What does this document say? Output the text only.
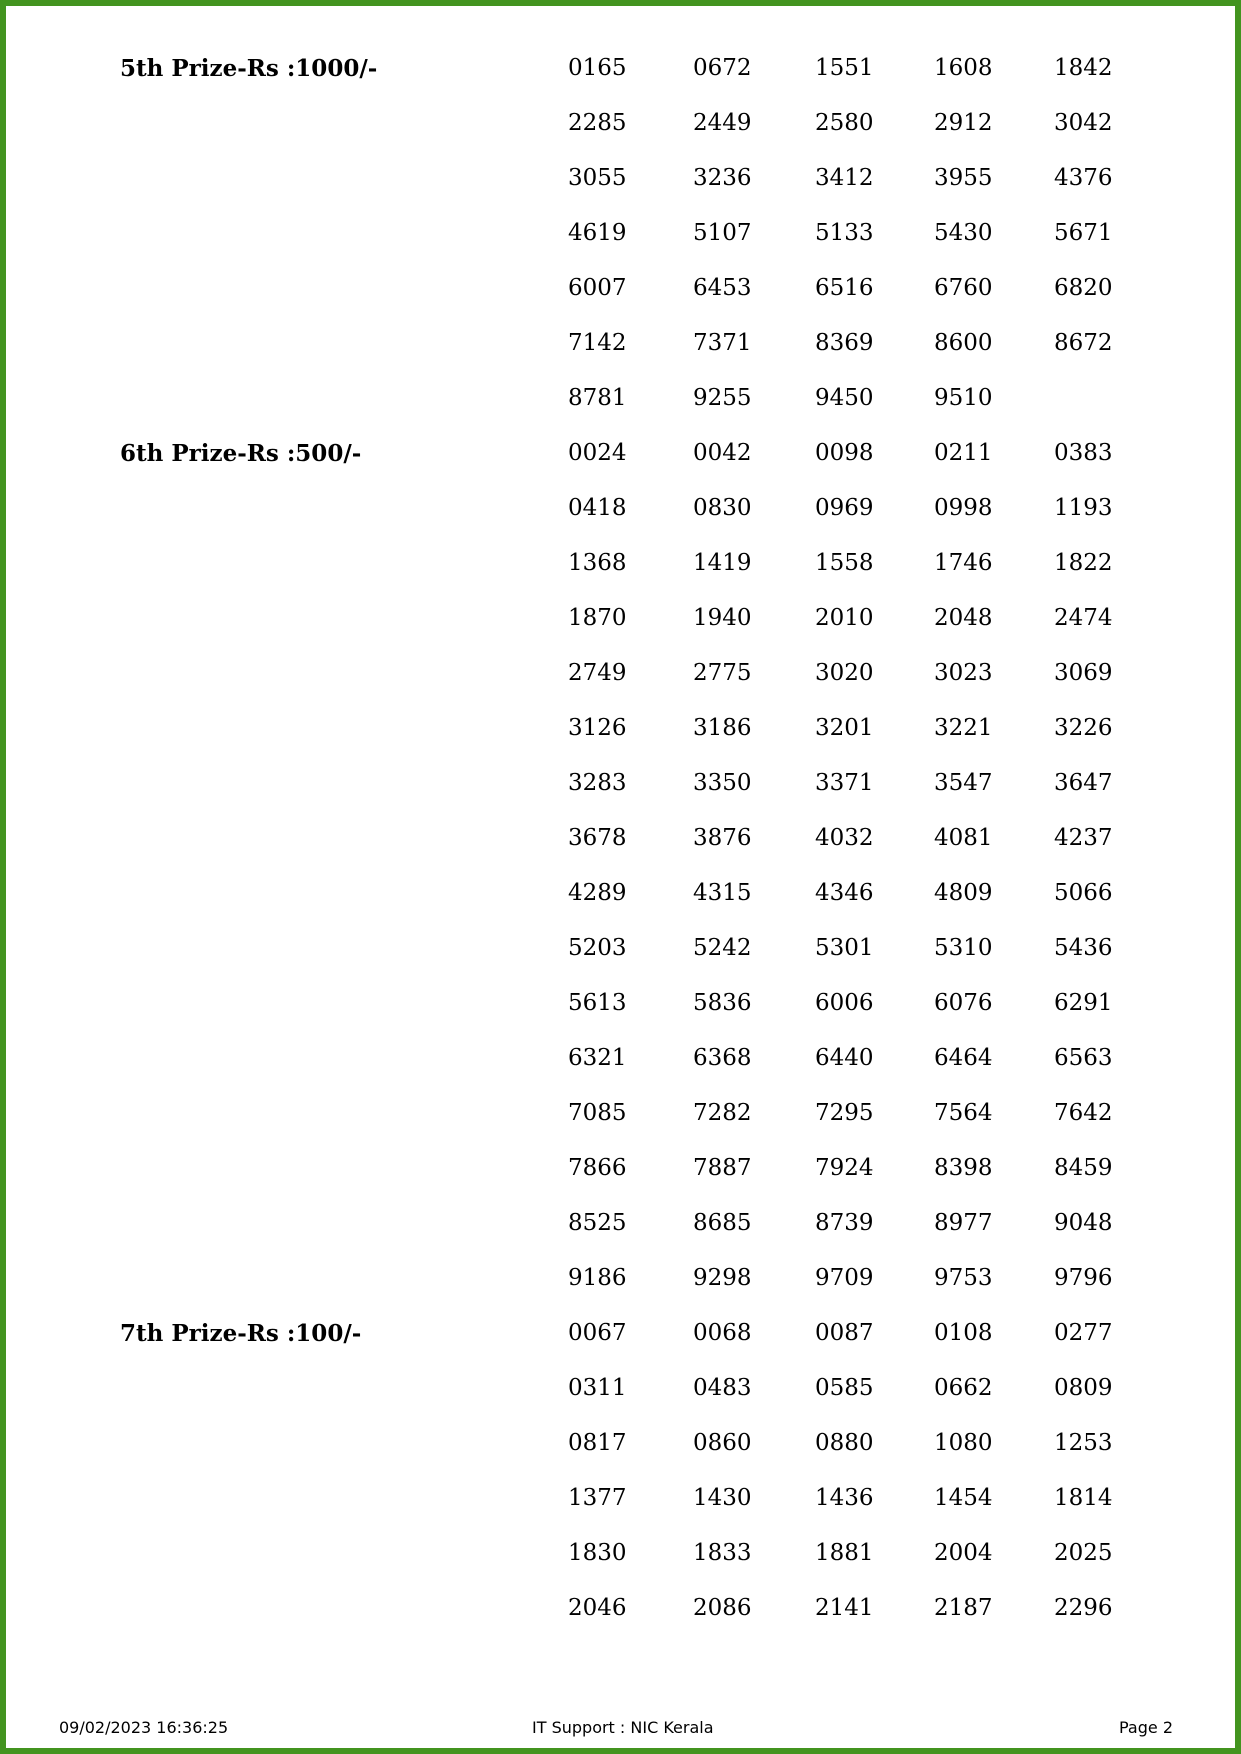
5th Prize-Rs :1000/-	0165	0672	1551	1608	1842
2285	2449	2580	2912	3042
3055	3236	3412	3955	4376
4619	5107	5133	5430	5671
6007	6453	6516	6760	6820
7142	7371	8369	8600	8672
8781	9255	9450	9510
6th Prize-Rs :500/-	0024	0042	0098	0211	0383
0418	0830	0969	0998	1193
1368	1419	1558	1746	1822
1870	1940	2010	2048	2474
2749	2775	3020	3023	3069
3126	3186	3201	3221	3226
3283	3350	3371	3547	3647
3678	3876	4032	4081	4237
4289	4315	4346	4809	5066
5203	5242	5301	5310	5436
5613	5836	6006	6076	6291
6321	6368	6440	6464	6563
7085	7282	7295	7564	7642
7866	7887	7924	8398	8459
8525	8685	8739	8977	9048
9186	9298	9709	9753	9796
7th Prize-Rs :100/-	0067	0068	0087	0108	0277
0311	0483	0585	0662	0809
0817	0860	0880	1080	1253
1377	1430	1436	1454	1814
1830	1833	1881	2004	2025
2046	2086	2141	2187	2296
09/02/2023 16:36:25	IT Support : NIC Kerala	Page 2
